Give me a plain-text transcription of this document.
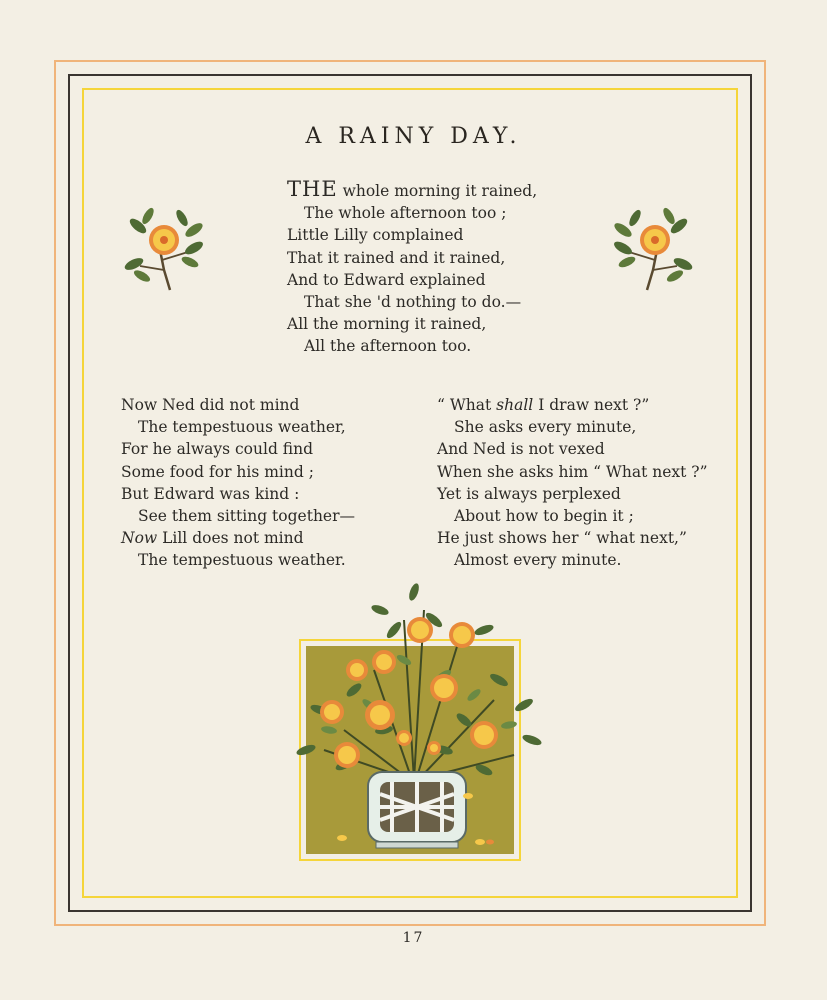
A RAINY DAY.
THE whole morning it rained,
The whole afternoon too ;
Little Lilly complained
That it rained and it rained,
And to Edward explained
That she 'd nothing to do.—
All the morning it rained,
All the afternoon too.
Now Ned did not mind
The tempestuous weather,
For he always could find
Some food for his mind ;
But Edward was kind :
See them sitting together—
Now Lill does not mind
The tempestuous weather.
“ What shall I draw next ?”
She asks every minute,
And Ned is not vexed
When she asks him “ What next ?”
Yet is always perplexed
About how to begin it ;
He just shows her “ what next,”
Almost every minute.
17
